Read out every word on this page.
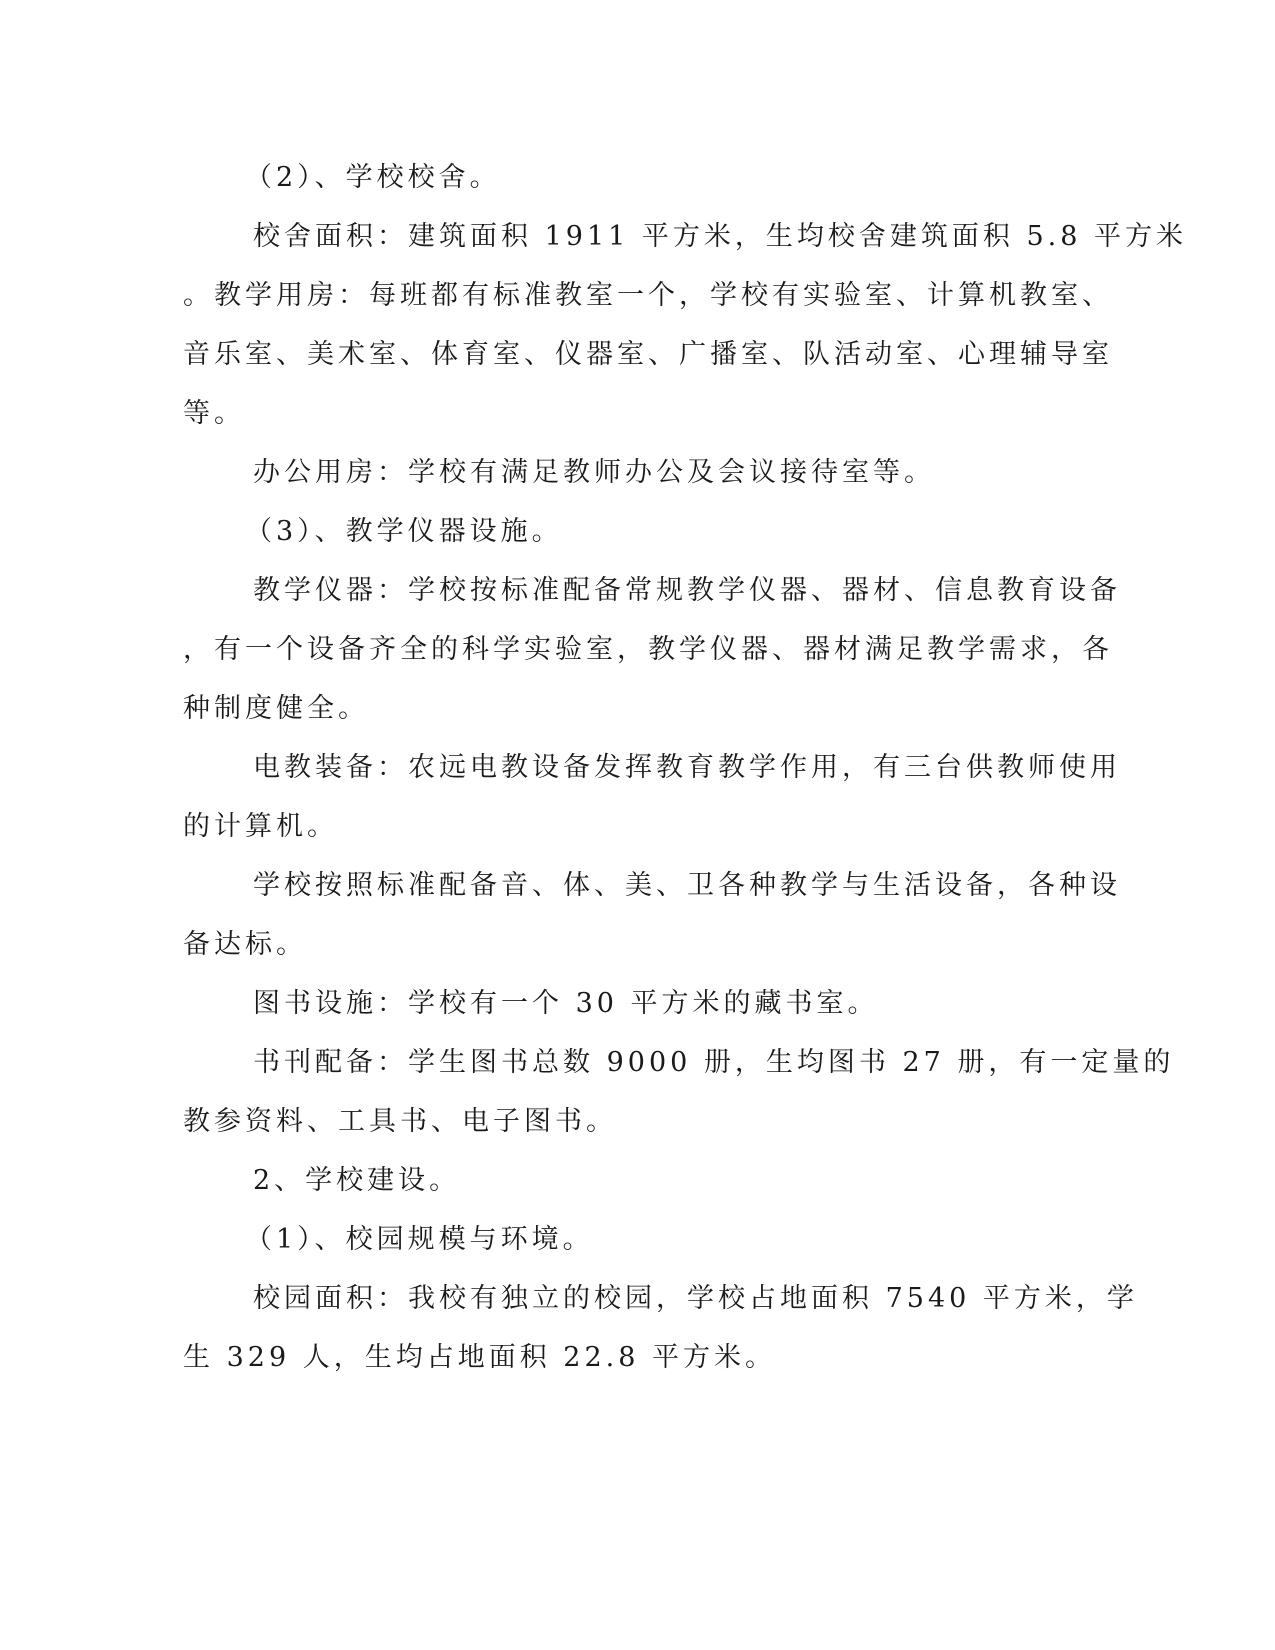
（2）、学校校舍。
校舍面积：建筑面积 1911 平方米，生均校舍建筑面积 5.8 平方米
。教学用房：每班都有标准教室一个，学校有实验室、计算机教室、
音乐室、美术室、体育室、仪器室、广播室、队活动室、心理辅导室
等。
办公用房：学校有满足教师办公及会议接待室等。
（3）、教学仪器设施。
教学仪器：学校按标准配备常规教学仪器、器材、信息教育设备
，有一个设备齐全的科学实验室，教学仪器、器材满足教学需求，各
种制度健全。
电教装备：农远电教设备发挥教育教学作用，有三台供教师使用
的计算机。
学校按照标准配备音、体、美、卫各种教学与生活设备，各种设
备达标。
图书设施：学校有一个 30 平方米的藏书室。
书刊配备：学生图书总数 9000 册，生均图书 27 册，有一定量的
教参资料、工具书、电子图书。
2、学校建设。
（1）、校园规模与环境。
校园面积：我校有独立的校园，学校占地面积 7540 平方米，学
生 329 人，生均占地面积 22.8 平方米。
